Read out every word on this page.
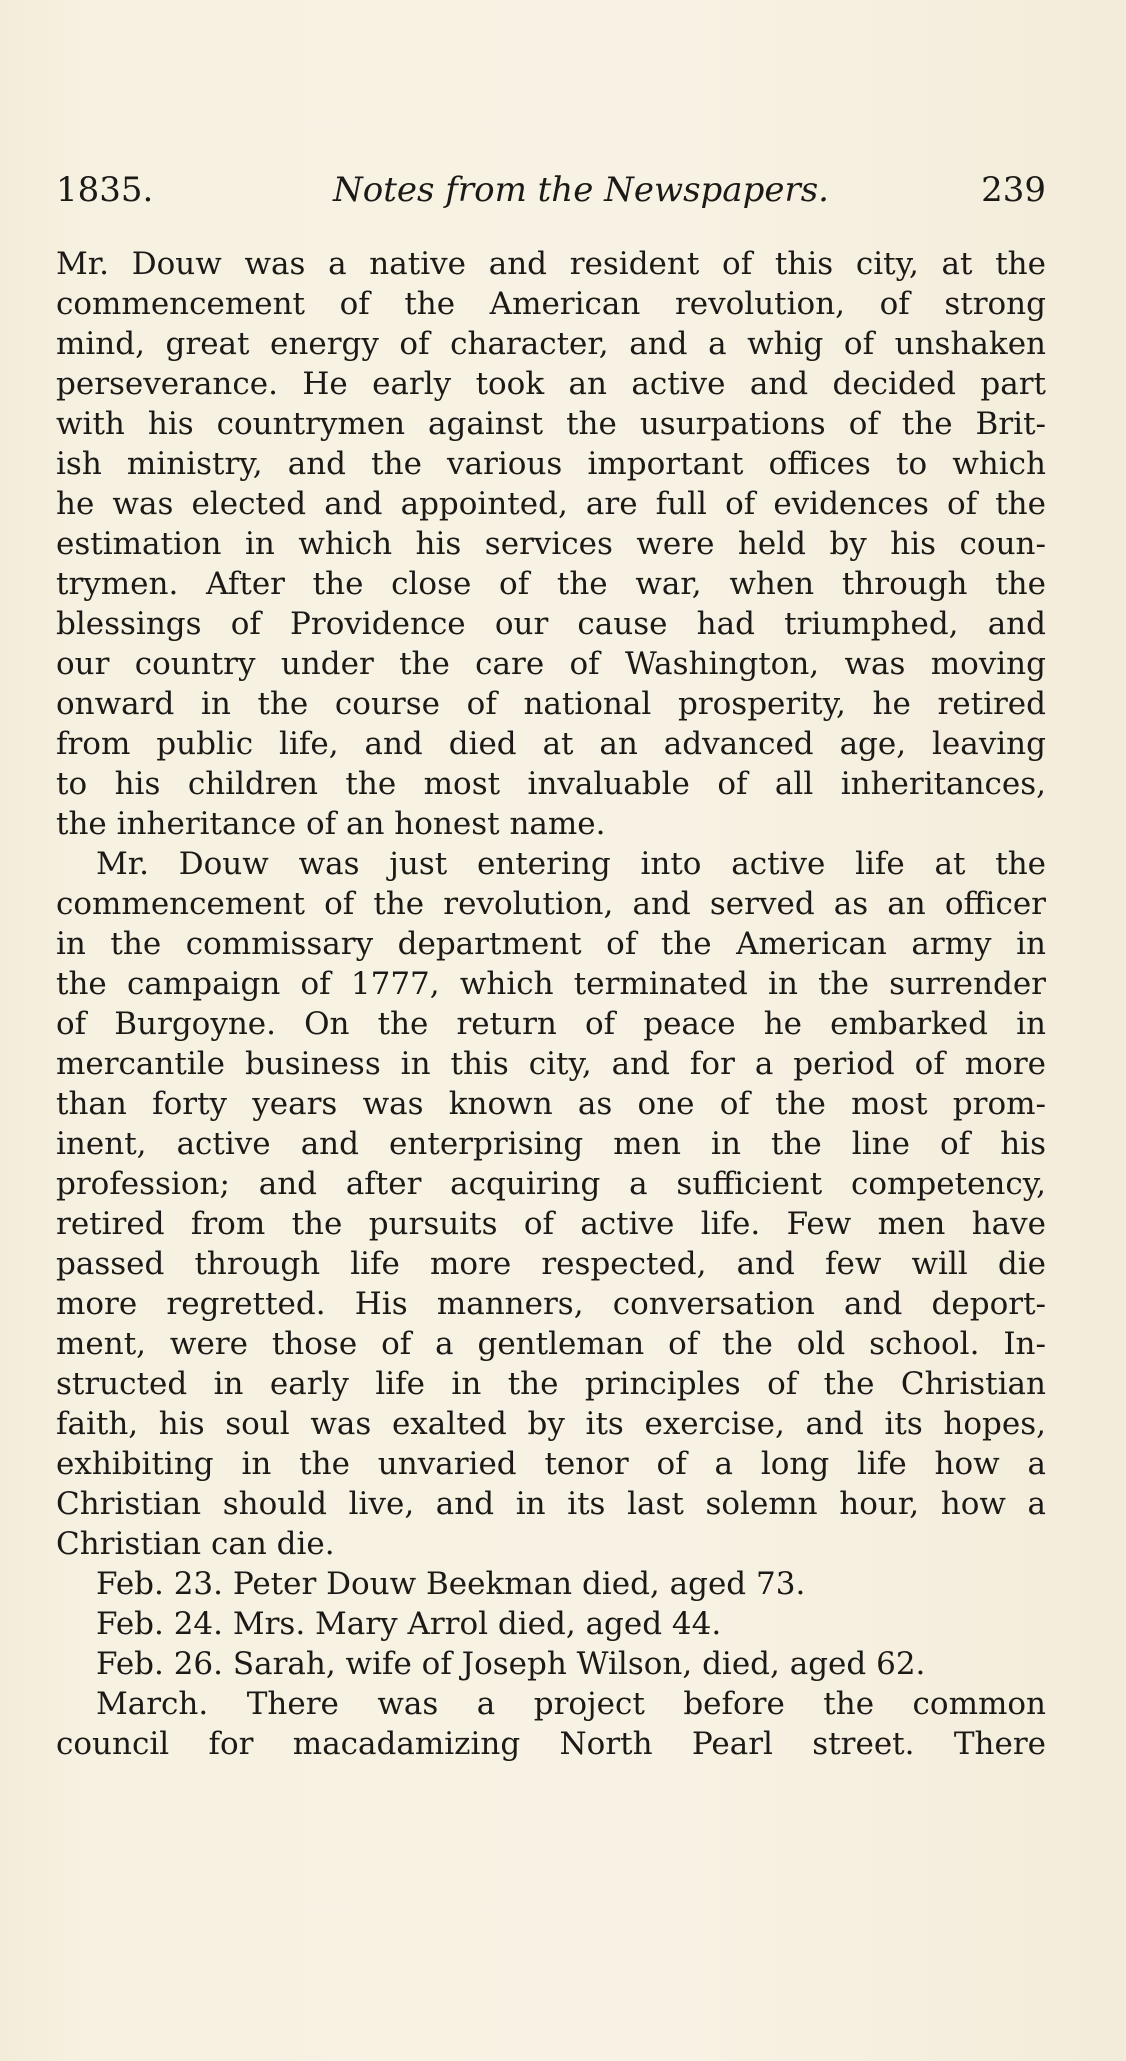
1835.	Notes from the Newspapers.	239
Mr. Douw was a native and resident of this city, at the
commencement of the American revolution, of strong
mind, great energy of character, and a whig of unshaken
perseverance. He early took an active and decided part
with his countrymen against the usurpations of the Brit-
ish ministry, and the various important offices to which
he was elected and appointed, are full of evidences of the
estimation in which his services were held by his coun-
trymen. After the close of the war, when through the
blessings of Providence our cause had triumphed, and
our country under the care of Washington, was moving
onward in the course of national prosperity, he retired
from public life, and died at an advanced age, leaving
to his children the most invaluable of all inheritances,
the inheritance of an honest name.
Mr. Douw was just entering into active life at the
commencement of the revolution, and served as an officer
in the commissary department of the American army in
the campaign of 1777, which terminated in the surrender
of Burgoyne. On the return of peace he embarked in
mercantile business in this city, and for a period of more
than forty years was known as one of the most prom-
inent, active and enterprising men in the line of his
profession; and after acquiring a sufficient competency,
retired from the pursuits of active life. Few men have
passed through life more respected, and few will die
more regretted. His manners, conversation and deport-
ment, were those of a gentleman of the old school. In-
structed in early life in the principles of the Christian
faith, his soul was exalted by its exercise, and its hopes,
exhibiting in the unvaried tenor of a long life how a
Christian should live, and in its last solemn hour, how a
Christian can die.
Feb. 23. Peter Douw Beekman died, aged 73.
Feb. 24. Mrs. Mary Arrol died, aged 44.
Feb. 26. Sarah, wife of Joseph Wilson, died, aged 62.
March. There was a project before the common
council for macadamizing North Pearl street. There
